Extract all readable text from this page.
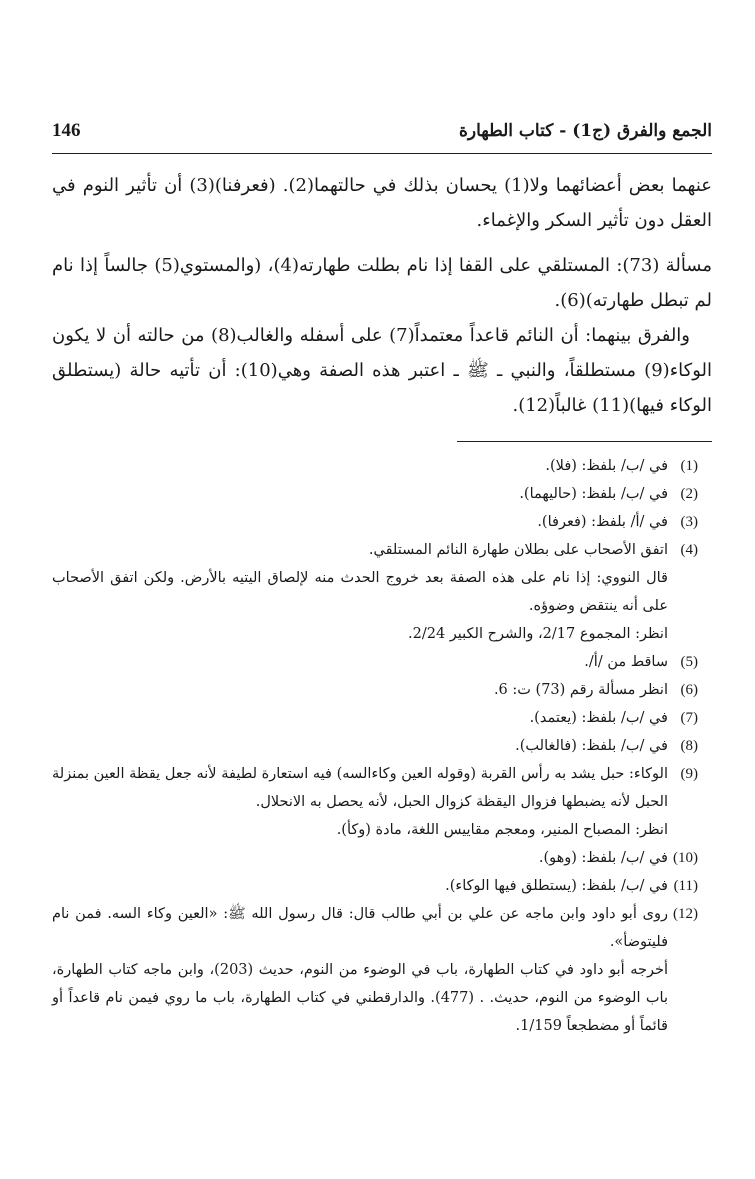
الجمع والفرق (ج1) - كتاب الطهارة
146

عنهما بعض أعضائهما ولا(1) يحسان بذلك في حالتهما(2). (فعرفنا)(3) أن تأثير النوم في العقل دون تأثير السكر والإغماء.

مسألة (73): المستلقي على القفا إذا نام بطلت طهارته(4)، (والمستوي(5) جالساً إذا نام لم تبطل طهارته)(6).

والفرق بينهما: أن النائم قاعداً معتمداً(7) على أسفله والغالب(8) من حالته أن لا يكون الوكاء(9) مستطلقاً، والنبي ـ ﷺ ـ اعتبر هذه الصفة وهي(10): أن تأتيه حالة (يستطلق الوكاء فيها)(11) غالباً(12).

(1)
في /ب/ بلفظ: (فلا).
(2)
في /ب/ بلفظ: (حاليهما).
(3)
في /أ/ بلفظ: (فعرفا).
(4)
اتفق الأصحاب على بطلان طهارة النائم المستلقي.
قال النووي: إذا نام على هذه الصفة بعد خروج الحدث منه لإلصاق اليتيه بالأرض. ولكن اتفق الأصحاب على أنه ينتقض وضوؤه.
انظر: المجموع 2/17، والشرح الكبير 2/24.
(5)
ساقط من /أ/.
(6)
انظر مسألة رقم (73) ت: 6.
(7)
في /ب/ بلفظ: (يعتمد).
(8)
في /ب/ بلفظ: (فالغالب).
(9)
الوكاء: حبل يشد به رأس القربة (وقوله العين وكاءالسه) فيه استعارة لطيفة لأنه جعل يقظة العين بمنزلة الحبل لأنه يضبطها فزوال اليقظة كزوال الحبل، لأنه يحصل به الانحلال.
انظر: المصباح المنير، ومعجم مقاييس اللغة، مادة (وكأ).
(10)
في /ب/ بلفظ: (وهو).
(11)
في /ب/ بلفظ: (يستطلق فيها الوكاء).
(12)
روى أبو داود وابن ماجه عن علي بن أبي طالب قال: قال رسول الله ﷺ: «العين وكاء السه. فمن نام فليتوضأ».
أخرجه أبو داود في كتاب الطهارة، باب في الوضوء من النوم، حديث (203)، وابن ماجه كتاب الطهارة، باب الوضوء من النوم، حديث. . (477). والدارقطني في كتاب الطهارة، باب ما روي فيمن نام قاعداً أو قائماً أو مضطجعاً 1/159.
